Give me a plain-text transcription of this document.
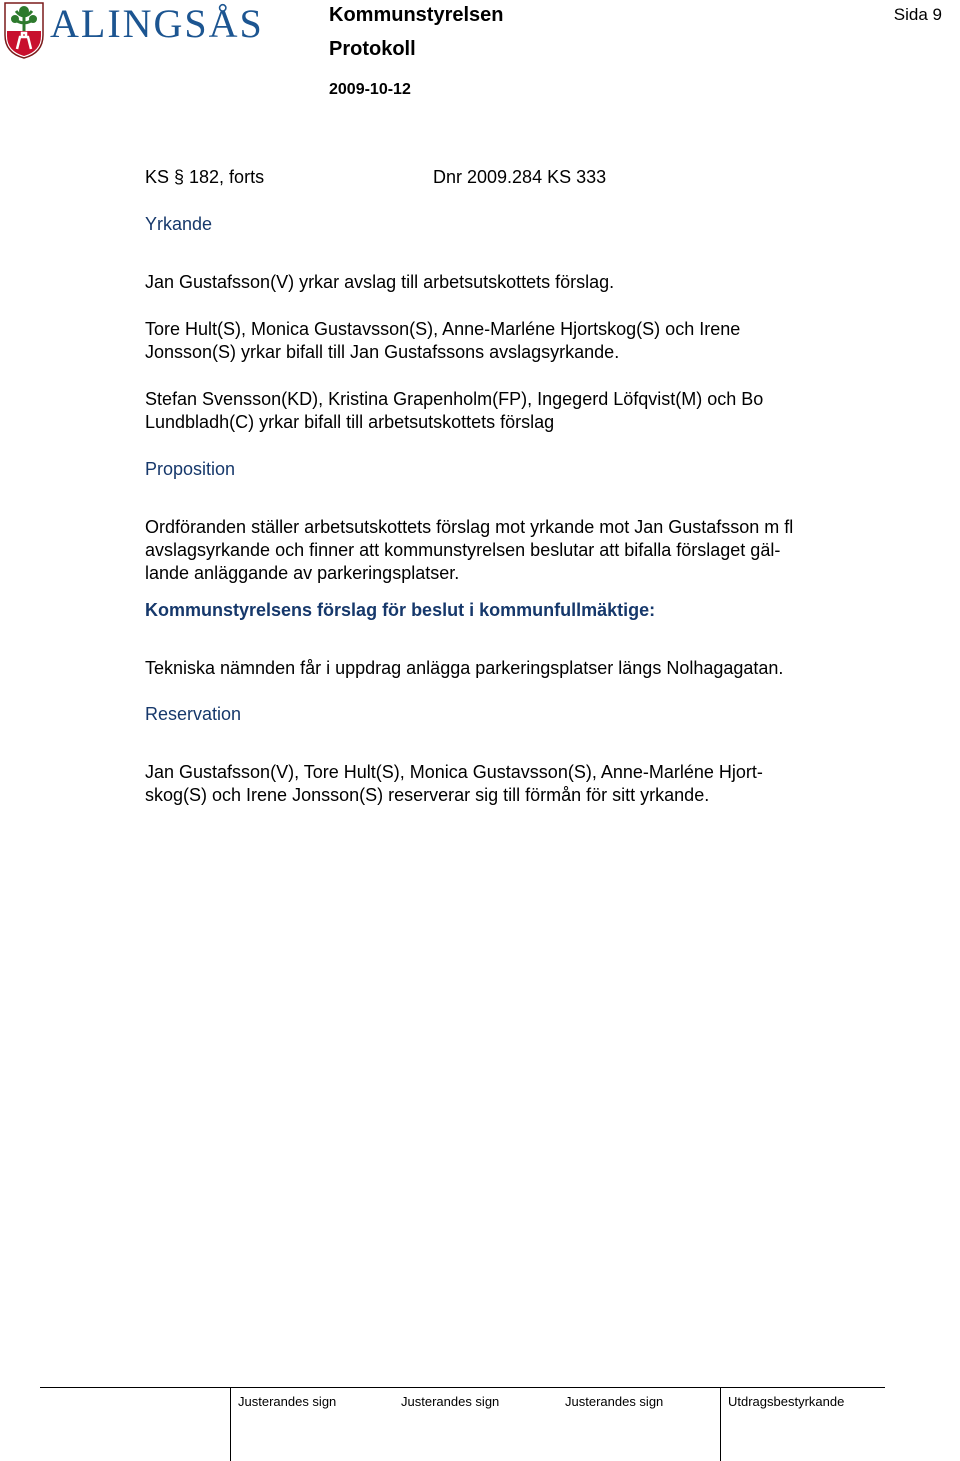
ALINGSÅS	Kommunstyrelsen
Protokoll
2009-10-12
Sida 9
KS § 182, forts	Dnr 2009.284 KS 333
Yrkande

Jan Gustafsson(V) yrkar avslag till arbetsutskottets förslag.

Tore Hult(S), Monica Gustavsson(S), Anne-Marléne Hjortskog(S) och Irene

Jonsson(S) yrkar bifall till Jan Gustafssons avslagsyrkande.

Stefan Svensson(KD), Kristina Grapenholm(FP), Ingegerd Löfqvist(M) och Bo

Lundbladh(C) yrkar bifall till arbetsutskottets förslag

Proposition

Ordföranden ställer arbetsutskottets förslag mot yrkande mot Jan Gustafsson m fl

avslagsyrkande och finner att kommunstyrelsen beslutar att bifalla förslaget gäl-

lande anläggande av parkeringsplatser.

Kommunstyrelsens förslag för beslut i kommunfullmäktige:

Tekniska nämnden får i uppdrag anlägga parkeringsplatser längs Nolhagagatan.

Reservation

Jan Gustafsson(V), Tore Hult(S), Monica Gustavsson(S), Anne-Marléne Hjort-

skog(S) och Irene Jonsson(S) reserverar sig till förmån för sitt yrkande.

Justerandes sign	Justerandes sign	Justerandes sign	Utdragsbestyrkande
